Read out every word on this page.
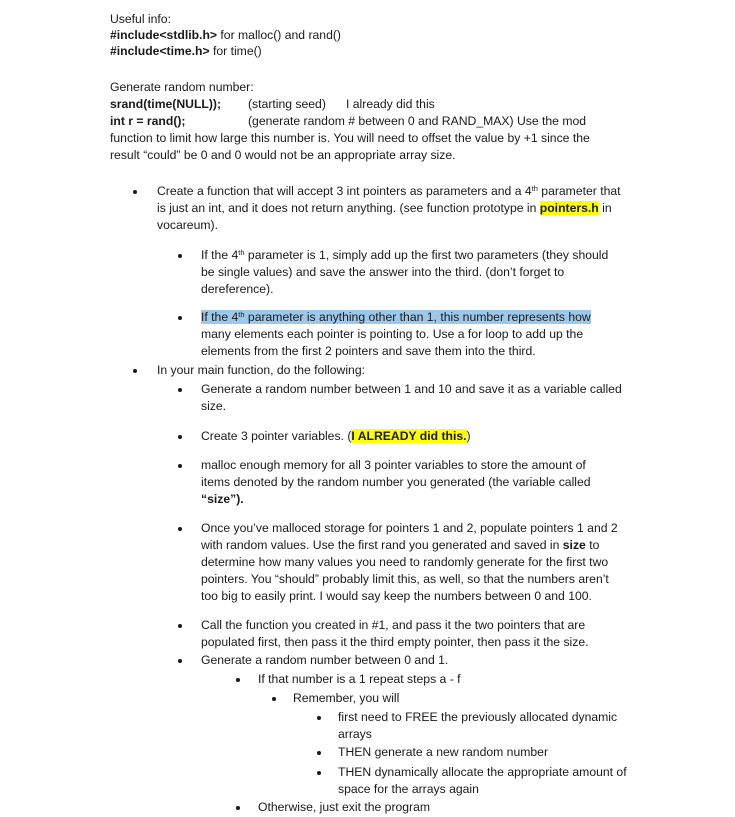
Useful info:
#include<stdlib.h> for malloc() and rand()
#include<time.h> for time()
Generate random number:
srand(time(NULL)); (starting seed) I already did this
int r = rand();	(generate random # between 0 and RAND_MAX) Use the mod
function to limit how large this number is. You will need to offset the value by +1 since the
result “could” be 0 and 0 would not be an appropriate array size.
Create a function that will accept 3 int pointers as parameters and a 4th parameter that
is just an int, and it does not return anything. (see function prototype in pointers.h in
vocareum).
If the 4th parameter is 1, simply add up the first two parameters (they should
be single values) and save the answer into the third. (don’t forget to
dereference).
If the 4th parameter is anything other than 1, this number represents how
many elements each pointer is pointing to. Use a for loop to add up the
elements from the first 2 pointers and save them into the third.
In your main function, do the following:
Generate a random number between 1 and 10 and save it as a variable called
size.
Create 3 pointer variables. (I ALREADY did this.)
malloc enough memory for all 3 pointer variables to store the amount of
items denoted by the random number you generated (the variable called
“size”).
Once you’ve malloced storage for pointers 1 and 2, populate pointers 1 and 2
with random values. Use the first rand you generated and saved in size to
determine how many values you need to randomly generate for the first two
pointers. You “should” probably limit this, as well, so that the numbers aren’t
too big to easily print. I would say keep the numbers between 0 and 100.
Call the function you created in #1, and pass it the two pointers that are
populated first, then pass it the third empty pointer, then pass it the size.
Generate a random number between 0 and 1.
If that number is a 1 repeat steps a - f
Remember, you will
first need to FREE the previously allocated dynamic
arrays
THEN generate a new random number
THEN dynamically allocate the appropriate amount of
space for the arrays again
Otherwise, just exit the program
